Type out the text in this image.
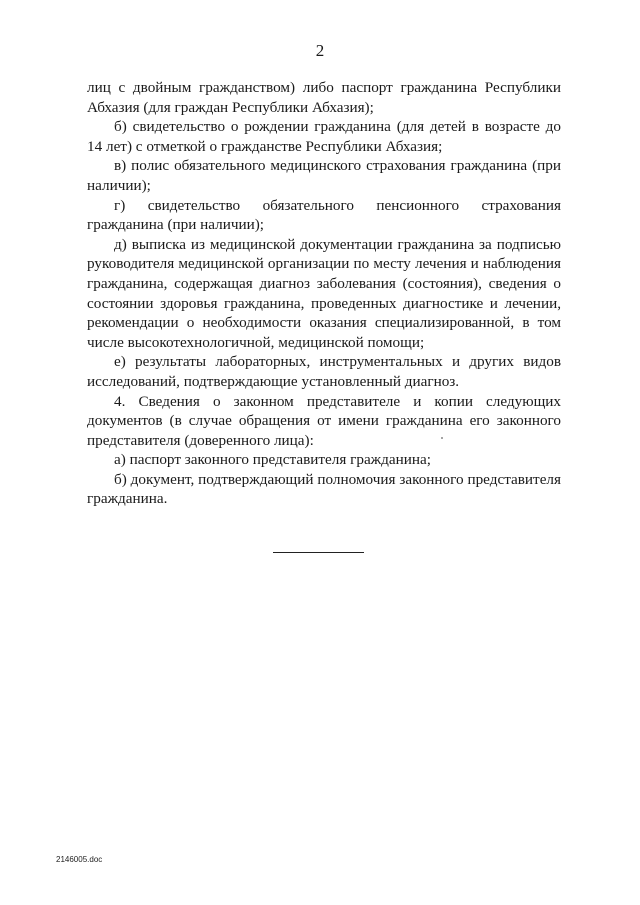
2

лиц с двойным гражданством) либо паспорт гражданина Республики Абхазия (для граждан Республики Абхазия);

б) свидетельство о рождении гражданина (для детей в возрасте до 14 лет) с отметкой о гражданстве Республики Абхазия;

в) полис обязательного медицинского страхования гражданина (при наличии);

г) свидетельство обязательного пенсионного страхования

гражданина (при наличии);

д) выписка из медицинской документации гражданина за подписью руководителя медицинской организации по месту лечения и наблюдения гражданина, содержащая диагноз заболевания (состояния), сведения о состоянии здоровья гражданина, проведенных диагностике и лечении, рекомендации о необходимости оказания специализированной, в том числе высокотехнологичной, медицинской помощи;

е) результаты лабораторных, инструментальных и других видов исследований, подтверждающие установленный диагноз.

4. Сведения о законном представителе и копии следующих документов (в случае обращения от имени гражданина его законного представителя (доверенного лица):

а) паспорт законного представителя гражданина;

б) документ, подтверждающий полномочия законного представителя гражданина.

2146005.doc
